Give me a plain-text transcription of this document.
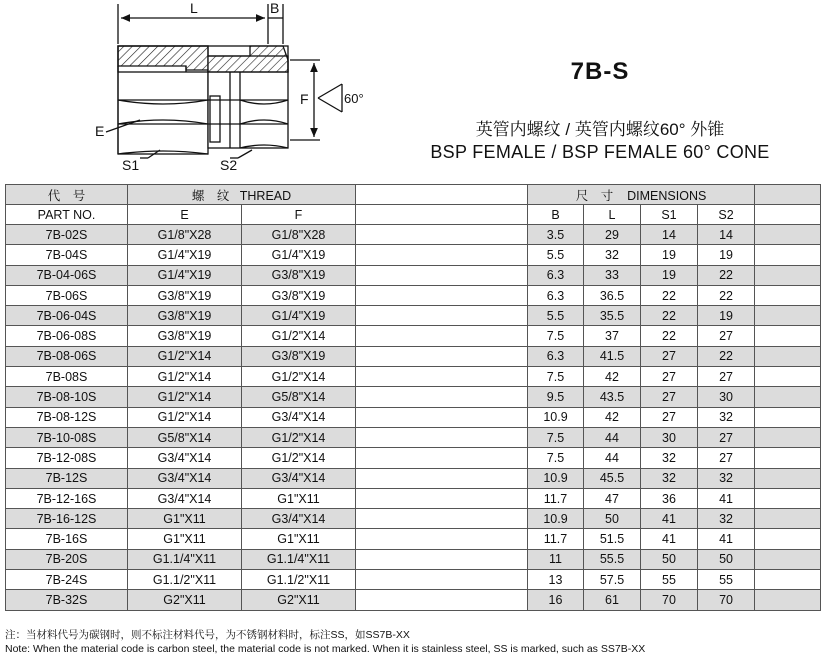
L	B
F
E
S1	S2
60°
7B-S
英管内螺纹 / 英管内螺纹60° 外锥
BSP FEMALE / BSP FEMALE 60° CONE
代　号	螺　纹 THREAD			尺　寸 DIMENSIONS				
PART NO.	E	F		B	L	S1	S2	
7B-02S	G1/8"X28	G1/8"X28		3.5	29	14	14	
7B-04S	G1/4"X19	G1/4"X19		5.5	32	19	19	
7B-04-06S	G1/4"X19	G3/8"X19		6.3	33	19	22	
7B-06S	G3/8"X19	G3/8"X19		6.3	36.5	22	22	
7B-06-04S	G3/8"X19	G1/4"X19		5.5	35.5	22	19	
7B-06-08S	G3/8"X19	G1/2"X14		7.5	37	22	27	
7B-08-06S	G1/2"X14	G3/8"X19		6.3	41.5	27	22	
7B-08S	G1/2"X14	G1/2"X14		7.5	42	27	27	
7B-08-10S	G1/2"X14	G5/8"X14		9.5	43.5	27	30	
7B-08-12S	G1/2"X14	G3/4"X14		10.9	42	27	32	
7B-10-08S	G5/8"X14	G1/2"X14		7.5	44	30	27	
7B-12-08S	G3/4"X14	G1/2"X14		7.5	44	32	27	
7B-12S	G3/4"X14	G3/4"X14		10.9	45.5	32	32	
7B-12-16S	G3/4"X14	G1"X11		11.7	47	36	41	
7B-16-12S	G1"X11	G3/4"X14		10.9	50	41	32	
7B-16S	G1"X11	G1"X11		11.7	51.5	41	41	
7B-20S	G1.1/4"X11	G1.1/4"X11		11	55.5	50	50	
7B-24S	G1.1/2"X11	G1.1/2"X11		13	57.5	55	55	
7B-32S	G2"X11	G2"X11		16	61	70	70	
注：当材料代号为碳钢时，则不标注材料代号，为不锈钢材料时，标注SS，如SS7B-XX
Note: When the material code is carbon steel, the material code is not marked. When it is stainless steel, SS is marked, such as SS7B-XX
